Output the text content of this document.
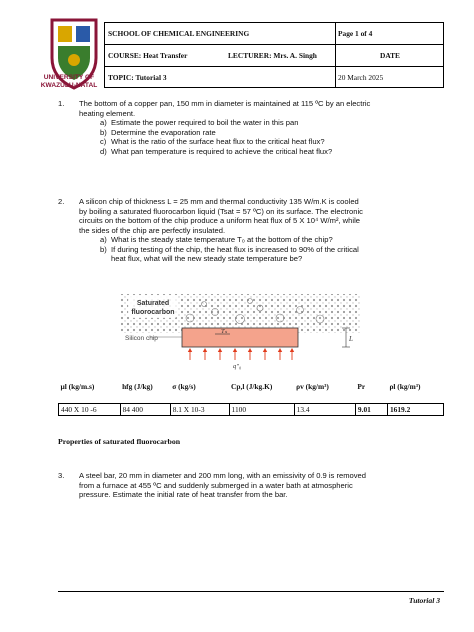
UNIVERSITY OF
KWAZULU-NATAL
SCHOOL OF CHEMICAL ENGINEERING	Page 1 of 4
COURSE: Heat Transfer	LECTURER: Mrs. A. Singh	DATE
TOPIC: Tutorial 3	20 March 2025
1. The bottom of a copper pan, 150 mm in diameter is maintained at 115 ºC by an electric
heating element.
a) Estimate the power required to boil the water in this pan
b) Determine the evaporation rate
c) What is the ratio of the surface heat flux to the critical heat flux?
d) What pan temperature is required to achieve the critical heat flux?
2. A silicon chip of thickness L = 25 mm and thermal conductivity 135 W/m.K is cooled
by boiling a saturated fluorocarbon liquid (Tsat = 57 ºC) on its surface. The electronic
circuits on the bottom of the chip produce a uniform heat flux of 5 X 10⁴ W/m², while
the sides of the chip are perfectly insulated.
a) What is the steady state temperature T₀ at the bottom of the chip?
b) If during testing of the chip, the heat flux is increased to 90% of the critical
heat flux, what will the new steady state temperature be?
Saturated
fluorocarbon
Silicon chip
Tₛ
L
q″₀
µl (kg/m.s)	hfg (J/kg)	σ (kg/s)	Cp,l (J/kg.K)	ρv (kg/m³)	Pr	ρl (kg/m³)
440 X 10 -6	84 400	8.1 X 10-3	1100	13.4	9.01	1619.2
Properties of saturated fluorocarbon
3. A steel bar, 20 mm in diameter and 200 mm long, with an emissivity of 0.9 is removed
from a furnace at 455 ºC and suddenly submerged in a water bath at atmospheric
pressure. Estimate the initial rate of heat transfer from the bar.
Tutorial 3
